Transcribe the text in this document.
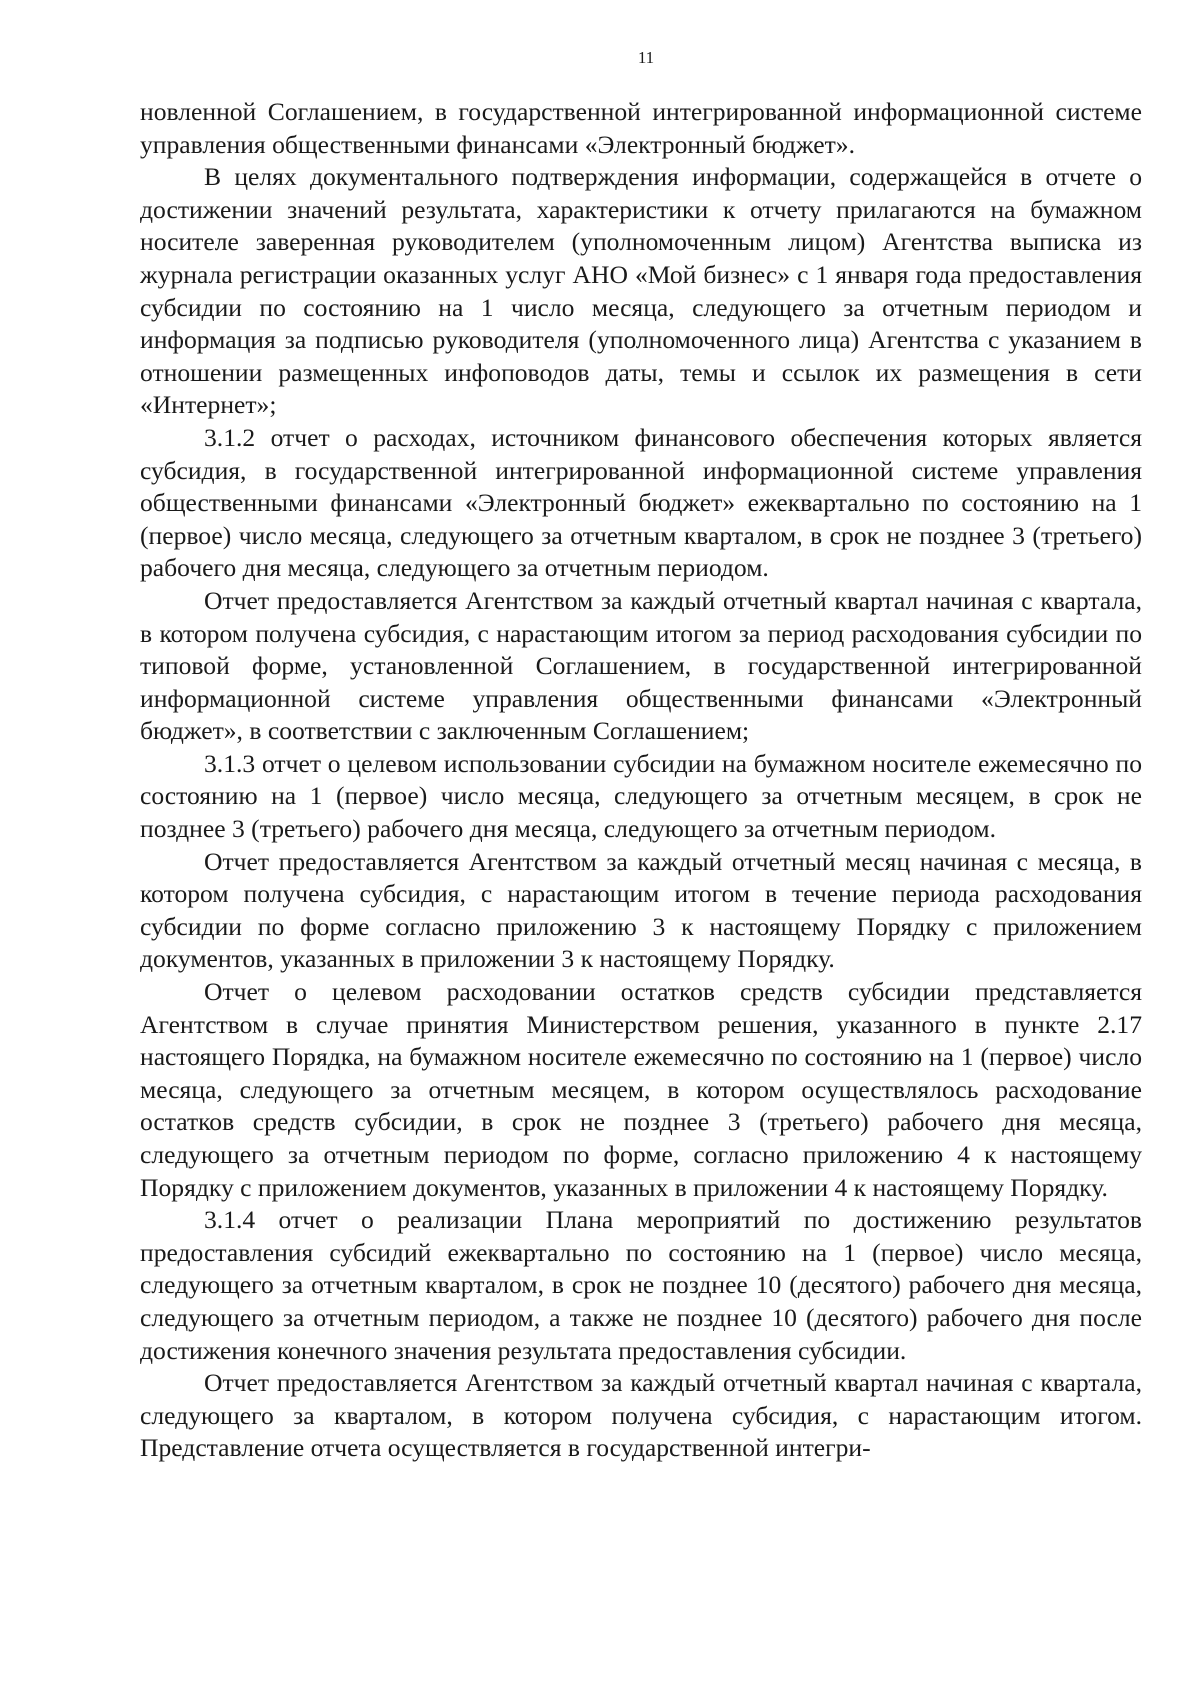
11

новленной Соглашением, в государственной интегрированной информационной системе управления общественными финансами «Электронный бюджет».

В целях документального подтверждения информации, содержащейся в отчете о достижении значений результата, характеристики к отчету прилагаются на бумажном носителе заверенная руководителем (уполномоченным лицом) Агентства выписка из журнала регистрации оказанных услуг АНО «Мой бизнес» с 1 января года предоставления субсидии по состоянию на 1 число месяца, следующего за отчетным периодом и информация за подписью руководителя (уполномоченного лица) Агентства с указанием в отношении размещенных инфоповодов даты, темы и ссылок их размещения в сети «Интернет»;

3.1.2 отчет о расходах, источником финансового обеспечения которых является субсидия, в государственной интегрированной информационной системе управления общественными финансами «Электронный бюджет» ежеквартально по состоянию на 1 (первое) число месяца, следующего за отчетным кварталом, в срок не позднее 3 (третьего) рабочего дня месяца, следующего за отчетным периодом.

Отчет предоставляется Агентством за каждый отчетный квартал начиная с квартала, в котором получена субсидия, с нарастающим итогом за период расходования субсидии по типовой форме, установленной Соглашением, в государственной интегрированной информационной системе управления общественными финансами «Электронный бюджет», в соответствии с заключенным Соглашением;

3.1.3 отчет о целевом использовании субсидии на бумажном носителе ежемесячно по состоянию на 1 (первое) число месяца, следующего за отчетным месяцем, в срок не позднее 3 (третьего) рабочего дня месяца, следующего за отчетным периодом.

Отчет предоставляется Агентством за каждый отчетный месяц начиная с месяца, в котором получена субсидия, с нарастающим итогом в течение периода расходования субсидии по форме согласно приложению 3 к настоящему Порядку с приложением документов, указанных в приложении 3 к настоящему Порядку.

Отчет о целевом расходовании остатков средств субсидии представляется Агентством в случае принятия Министерством решения, указанного в пункте 2.17 настоящего Порядка, на бумажном носителе ежемесячно по состоянию на 1 (первое) число месяца, следующего за отчетным месяцем, в котором осуществлялось расходование остатков средств субсидии, в срок не позднее 3 (третьего) рабочего дня месяца, следующего за отчетным периодом по форме, согласно приложению 4 к настоящему Порядку с приложением документов, указанных в приложении 4 к настоящему Порядку.

3.1.4 отчет о реализации Плана мероприятий по достижению результатов предоставления субсидий ежеквартально по состоянию на 1 (первое) число месяца, следующего за отчетным кварталом, в срок не позднее 10 (десятого) рабочего дня месяца, следующего за отчетным периодом, а также не позднее 10 (десятого) рабочего дня после достижения конечного значения результата предоставления субсидии.

Отчет предоставляется Агентством за каждый отчетный квартал начиная с квартала, следующего за кварталом, в котором получена субсидия, с нарастающим итогом. Представление отчета осуществляется в государственной интегри-
